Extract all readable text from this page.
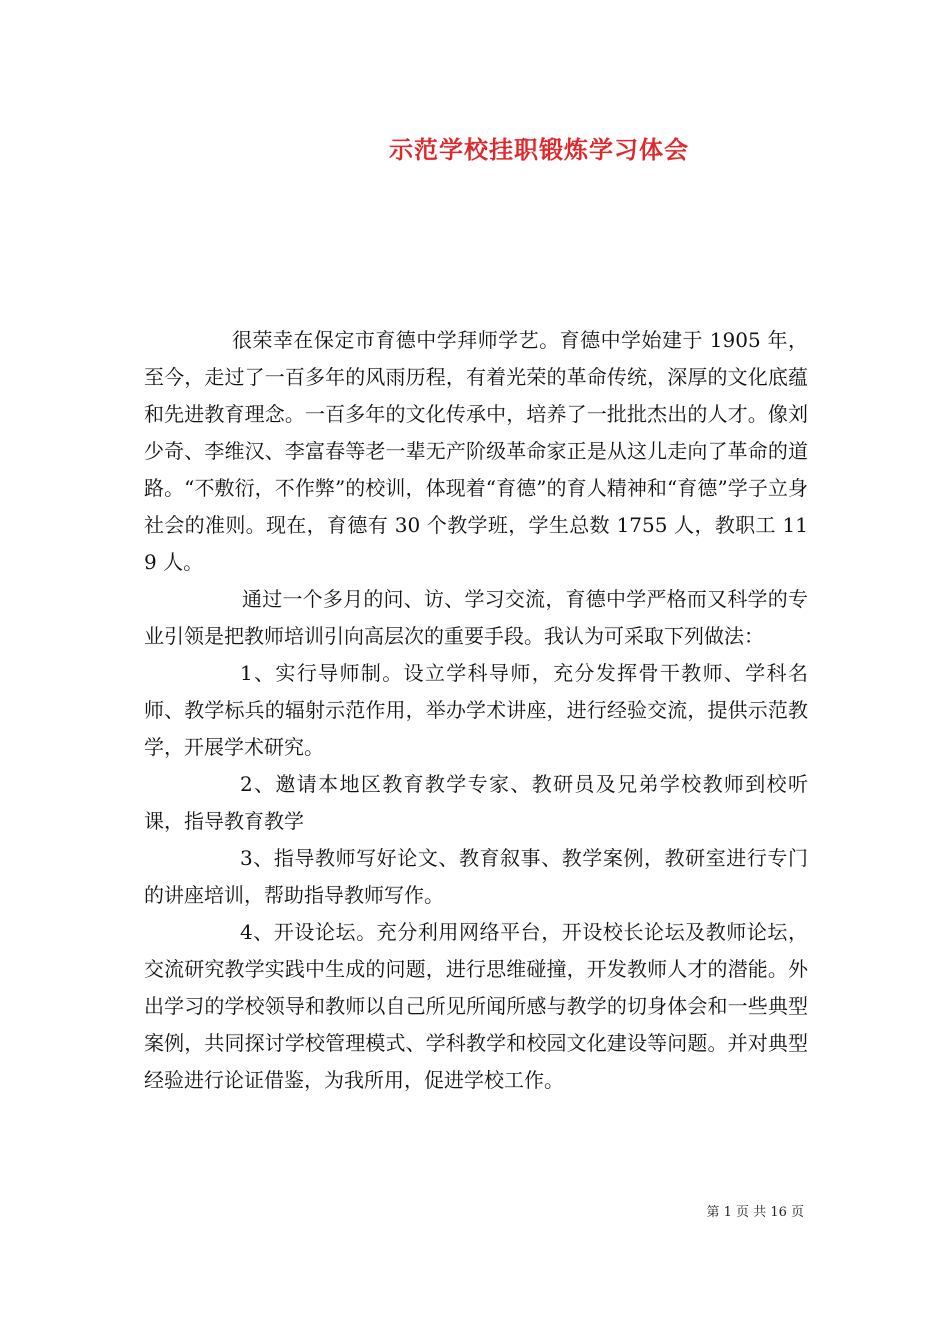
示范学校挂职锻炼学习体会

很荣幸在保定市育德中学拜师学艺。育德中学始建于 1905 年，至今，走过了一百多年的风雨历程，有着光荣的革命传统，深厚的文化底蕴和先进教育理念。一百多年的文化传承中，培养了一批批杰出的人才。像刘少奇、李维汉、李富春等老一辈无产阶级革命家正是从这儿走向了革命的道路。“不敷衍，不作弊”的校训，体现着“育德”的育人精神和“育德”学子立身社会的准则。现在，育德有 30 个教学班，学生总数 1755 人，教职工 119 人。

通过一个多月的问、访、学习交流，育德中学严格而又科学的专业引领是把教师培训引向高层次的重要手段。我认为可采取下列做法：

1、实行导师制。设立学科导师，充分发挥骨干教师、学科名师、教学标兵的辐射示范作用，举办学术讲座，进行经验交流，提供示范教学，开展学术研究。

2、邀请本地区教育教学专家、教研员及兄弟学校教师到校听课，指导教育教学

3、指导教师写好论文、教育叙事、教学案例，教研室进行专门的讲座培训，帮助指导教师写作。

4、开设论坛。充分利用网络平台，开设校长论坛及教师论坛，交流研究教学实践中生成的问题，进行思维碰撞，开发教师人才的潜能。外出学习的学校领导和教师以自己所见所闻所感与教学的切身体会和一些典型案例，共同探讨学校管理模式、学科教学和校园文化建设等问题。并对典型经验进行论证借鉴，为我所用，促进学校工作。

第 1 页 共 16 页
